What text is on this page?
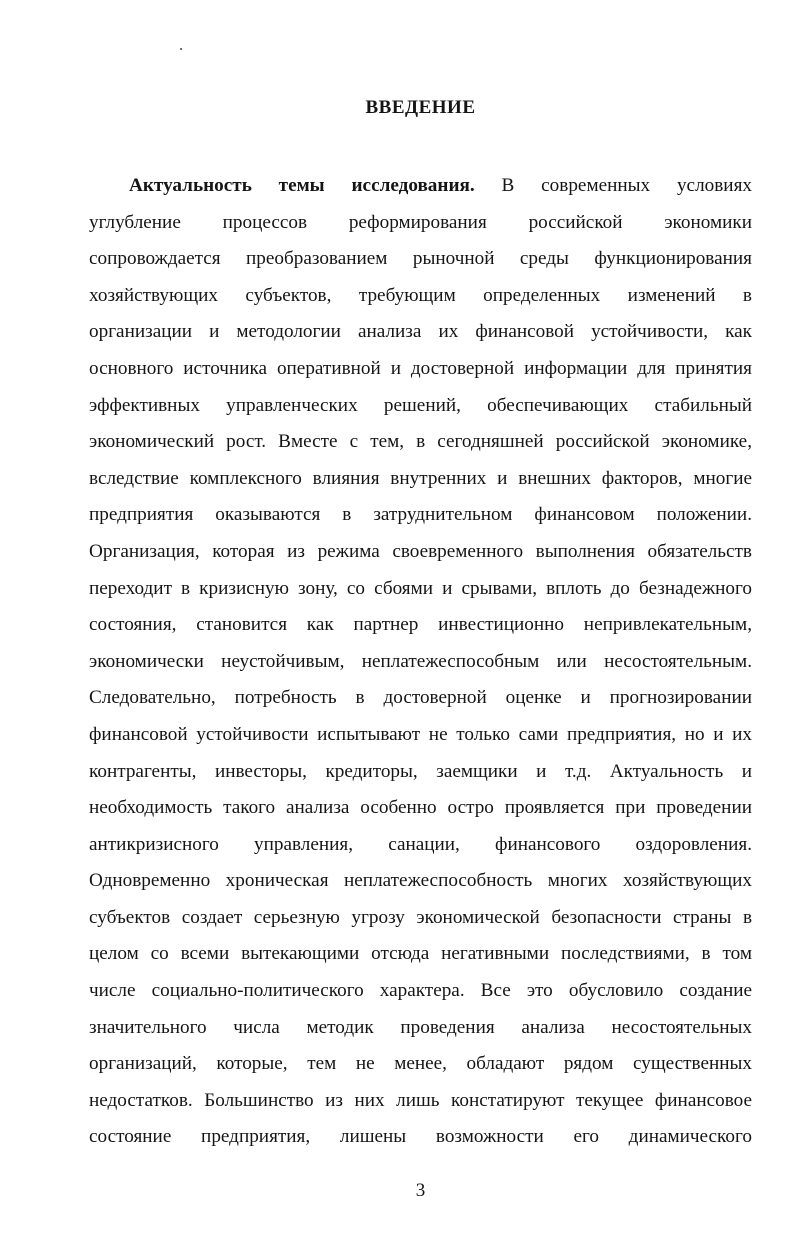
ВВЕДЕНИЕ
Актуальность темы исследования. В современных условиях
углубление процессов реформирования российской экономики
сопровождается преобразованием рыночной среды функционирования
хозяйствующих субъектов, требующим определенных изменений в
организации и методологии анализа их финансовой устойчивости, как
основного источника оперативной и достоверной информации для принятия
эффективных управленческих решений, обеспечивающих стабильный
экономический рост. Вместе с тем, в сегодняшней российской экономике,
вследствие комплексного влияния внутренних и внешних факторов, многие
предприятия оказываются в затруднительном финансовом положении.
Организация, которая из режима своевременного выполнения обязательств
переходит в кризисную зону, со сбоями и срывами, вплоть до безнадежного
состояния, становится как партнер инвестиционно непривлекательным,
экономически неустойчивым, неплатежеспособным или несостоятельным.
Следовательно, потребность в достоверной оценке и прогнозировании
финансовой устойчивости испытывают не только сами предприятия, но и их
контрагенты, инвесторы, кредиторы, заемщики и т.д. Актуальность и
необходимость такого анализа особенно остро проявляется при проведении
антикризисного управления, санации, финансового оздоровления.
Одновременно хроническая неплатежеспособность многих хозяйствующих
субъектов создает серьезную угрозу экономической безопасности страны в
целом со всеми вытекающими отсюда негативными последствиями, в том
числе социально-политического характера. Все это обусловило создание
значительного числа методик проведения анализа несостоятельных
организаций, которые, тем не менее, обладают рядом существенных
недостатков. Большинство из них лишь констатируют текущее финансовое
состояние предприятия, лишены возможности его динамического
3
